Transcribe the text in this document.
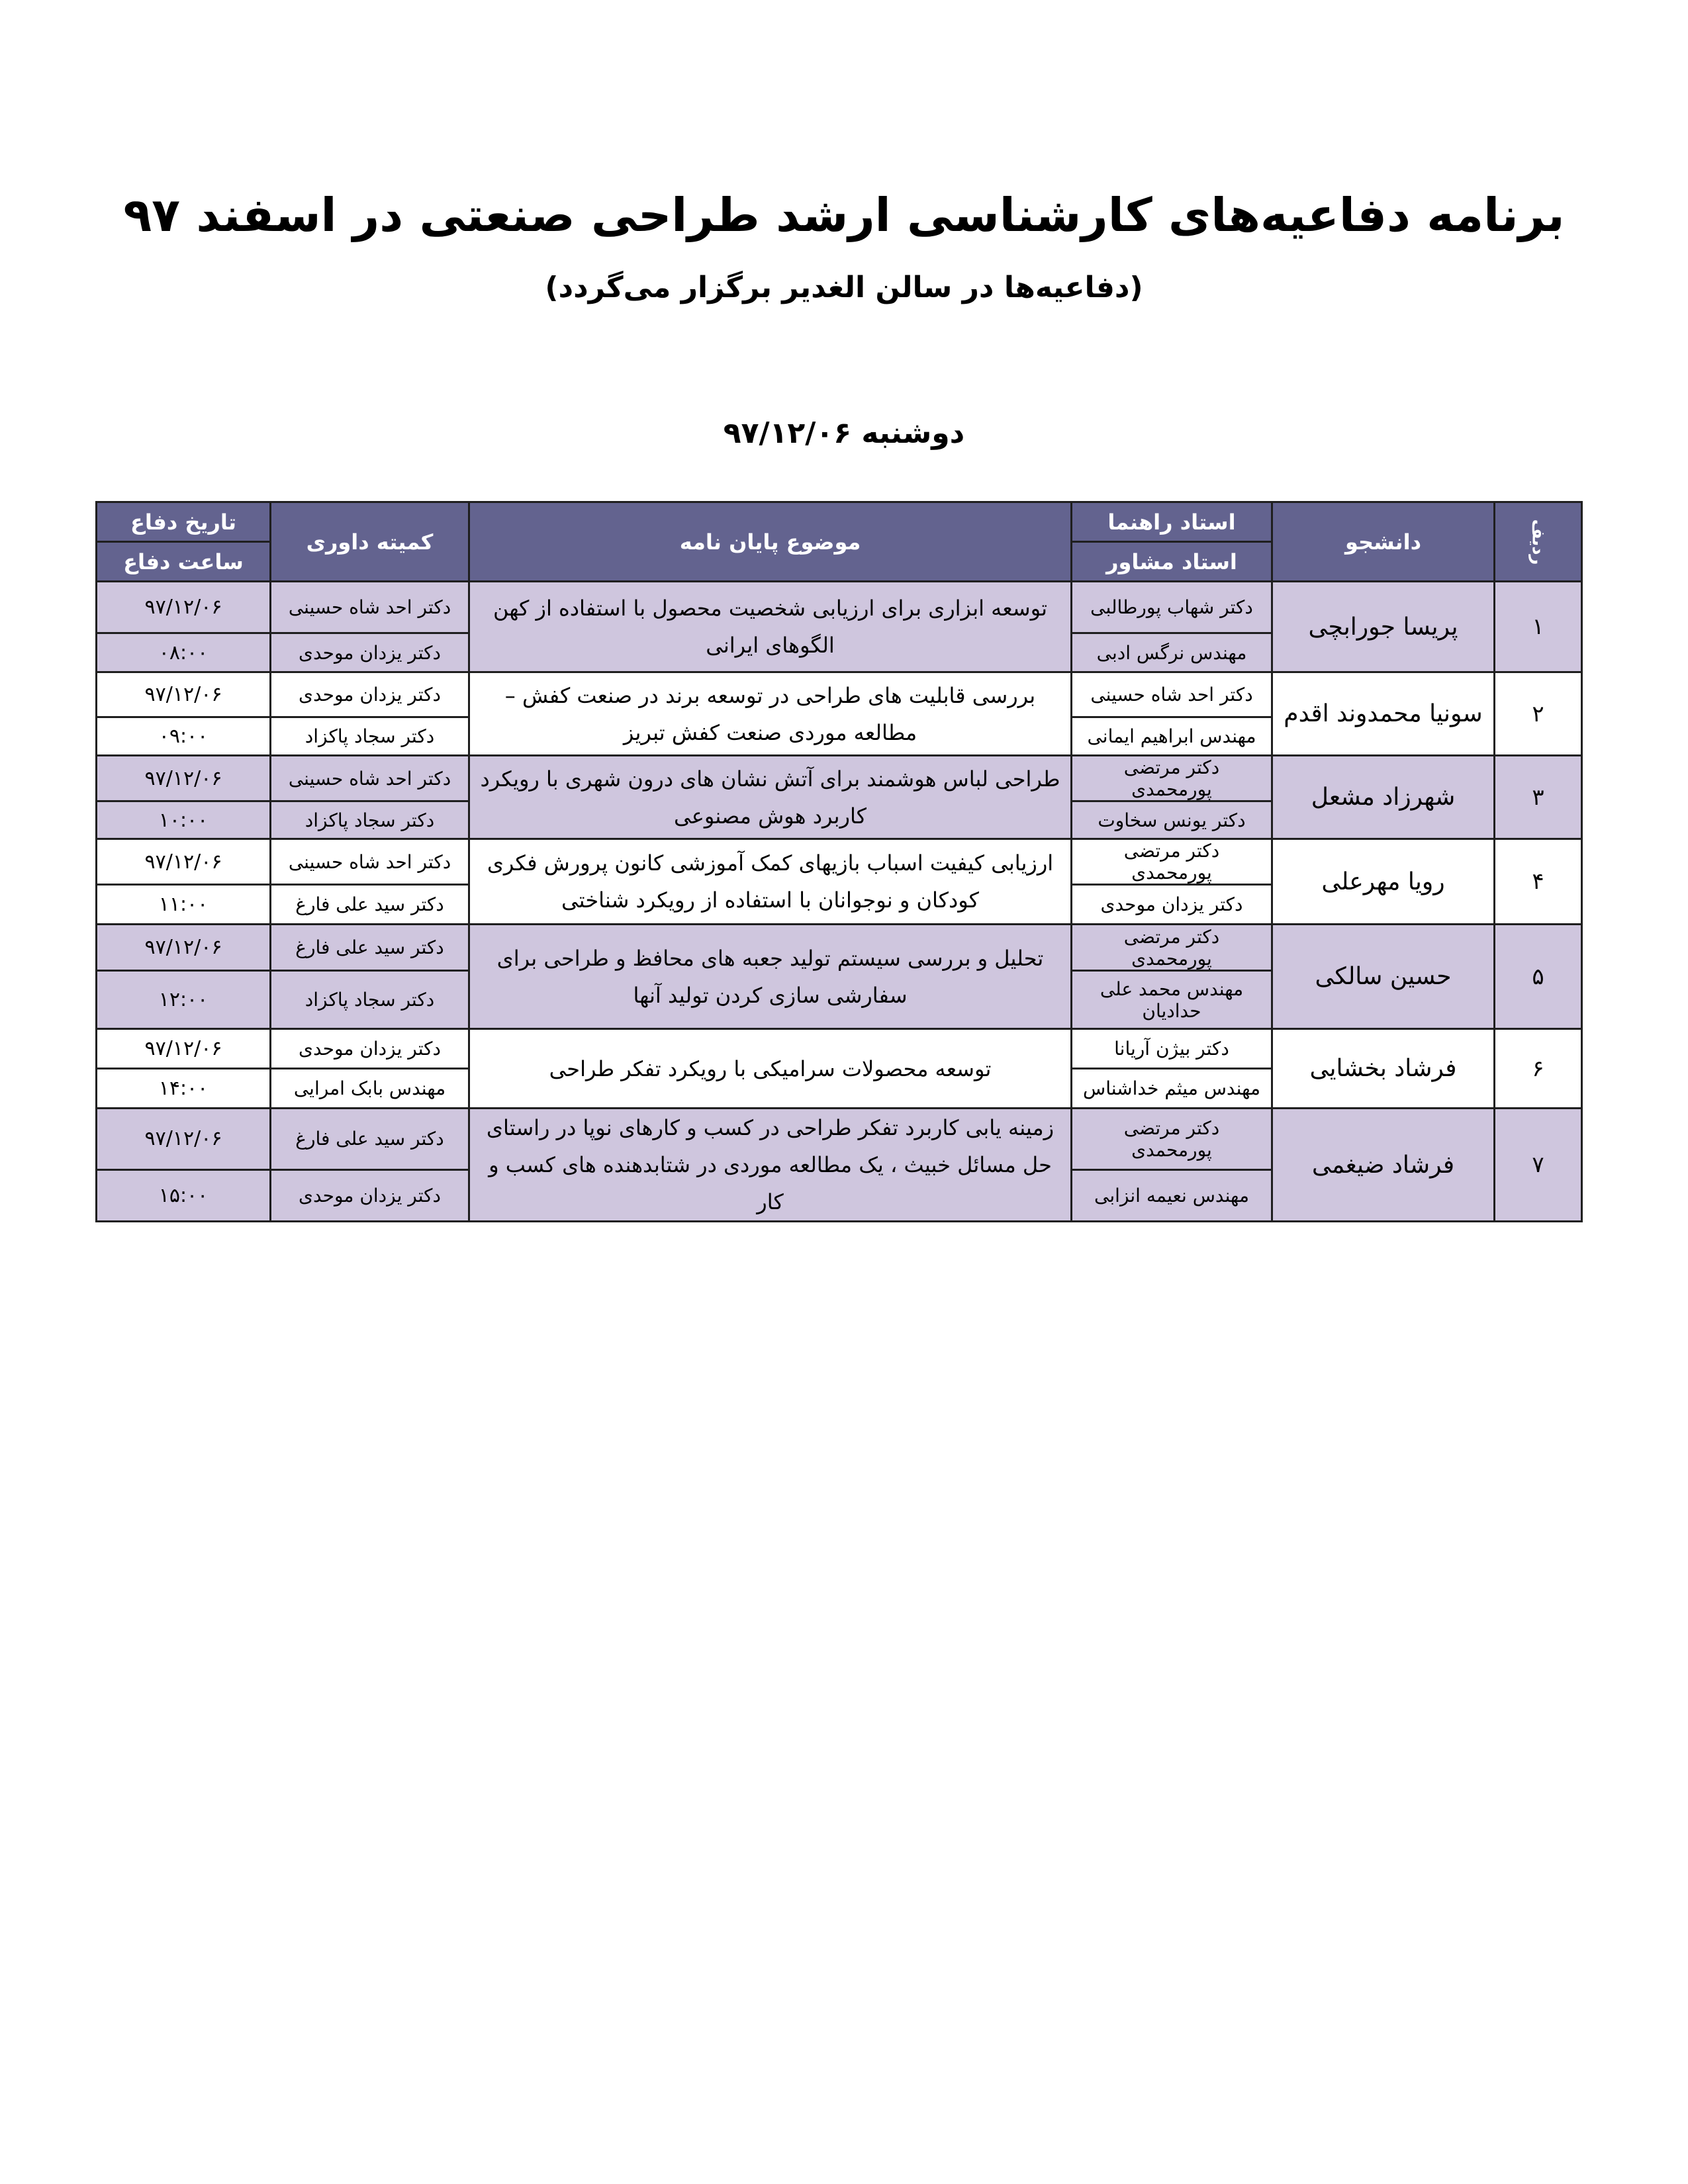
برنامه دفاعیه‌های کارشناسی ارشد طراحی صنعتی در اسفند ۹۷

(دفاعیه‌ها در سالن الغدیر برگزار می‌گردد)

دوشنبه ۹۷/۱۲/۰۶
ردیف	دانشجو	استاد راهنما	موضوع پایان نامه	کمیته داوری	تاریخ دفاع
		استاد مشاور			ساعت دفاع
۱	پریسا جورابچی	دکتر شهاب پورطالبی	توسعه ابزاری برای ارزیابی شخصیت محصول با استفاده از کهن الگوهای ایرانی	دکتر احد شاه حسینی	۹۷/۱۲/۰۶
		مهندس نرگس ادبی		دکتر یزدان موحدی	۰۸:۰۰
۲	سونیا محمدوند اقدم	دکتر احد شاه حسینی	بررسی قابلیت های طراحی در توسعه برند در صنعت کفش – مطالعه موردی صنعت کفش تبریز	دکتر یزدان موحدی	۹۷/۱۲/۰۶
		مهندس ابراهیم ایمانی		دکتر سجاد پاکزاد	۰۹:۰۰
۳	شهرزاد مشعل	دکتر مرتضی پورمحمدی	طراحی لباس هوشمند برای آتش نشان های درون شهری با رویکرد کاربرد هوش مصنوعی	دکتر احد شاه حسینی	۹۷/۱۲/۰۶
		دکتر یونس سخاوت		دکتر سجاد پاکزاد	۱۰:۰۰
۴	رویا مهرعلی	دکتر مرتضی پورمحمدی	ارزیابی کیفیت اسباب بازیهای کمک آموزشی کانون پرورش فکری کودکان و نوجوانان با استفاده از رویکرد شناختی	دکتر احد شاه حسینی	۹۷/۱۲/۰۶
		دکتر یزدان موحدی		دکتر سید علی فارغ	۱۱:۰۰
۵	حسین سالکی	دکتر مرتضی پورمحمدی	تحلیل و بررسی سیستم تولید جعبه های محافظ و طراحی برای سفارشی سازی کردن تولید آنها	دکتر سید علی فارغ	۹۷/۱۲/۰۶
		مهندس محمد علی حدادیان		دکتر سجاد پاکزاد	۱۲:۰۰
۶	فرشاد بخشایی	دکتر بیژن آریانا	توسعه محصولات سرامیکی با رویکرد تفکر طراحی	دکتر یزدان موحدی	۹۷/۱۲/۰۶
		مهندس میثم خداشناس		مهندس بابک امرایی	۱۴:۰۰
۷	فرشاد ضیغمی	دکتر مرتضی پورمحمدی	زمینه یابی کاربرد تفکر طراحی در کسب و کارهای نوپا در راستای حل مسائل خبیث ، یک مطالعه موردی در شتابدهنده های کسب و کار	دکتر سید علی فارغ	۹۷/۱۲/۰۶
		مهندس نعیمه انزابی		دکتر یزدان موحدی	۱۵:۰۰
